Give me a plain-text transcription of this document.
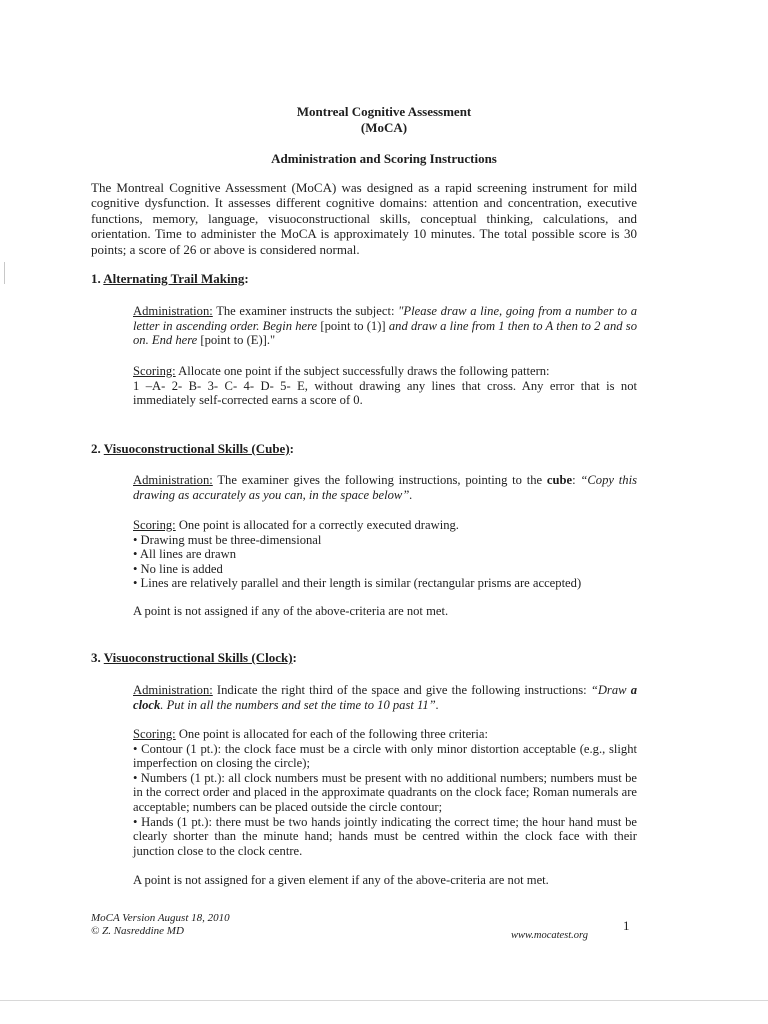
Montreal Cognitive Assessment
(MoCA)
Administration and Scoring Instructions
The Montreal Cognitive Assessment (MoCA) was designed as a rapid screening instrument for mild cognitive dysfunction. It assesses different cognitive domains: attention and concentration, executive functions, memory, language, visuoconstructional skills, conceptual thinking, calculations, and orientation. Time to administer the MoCA is approximately 10 minutes. The total possible score is 30 points; a score of 26 or above is considered normal.
1. Alternating Trail Making:

Administration: The examiner instructs the subject: "Please draw a line, going from a number to a letter in ascending order. Begin here [point to (1)] and draw a line from 1 then to A then to 2 and so on. End here [point to (E)]."

Scoring: Allocate one point if the subject successfully draws the following pattern:

1 –A- 2- B- 3- C- 4- D- 5- E, without drawing any lines that cross. Any error that is not immediately self-corrected earns a score of 0.

2. Visuoconstructional Skills (Cube):

Administration: The examiner gives the following instructions, pointing to the cube: “Copy this drawing as accurately as you can, in the space below”.

Scoring: One point is allocated for a correctly executed drawing.

• Drawing must be three-dimensional
• All lines are drawn
• No line is added
• Lines are relatively parallel and their length is similar (rectangular prisms are accepted)
A point is not assigned if any of the above-criteria are not met.
3. Visuoconstructional Skills (Clock):

Administration: Indicate the right third of the space and give the following instructions: “Draw a clock. Put in all the numbers and set the time to 10 past 11”.

Scoring: One point is allocated for each of the following three criteria:

• Contour (1 pt.): the clock face must be a circle with only minor distortion acceptable (e.g., slight imperfection on closing the circle);
• Numbers (1 pt.): all clock numbers must be present with no additional numbers; numbers must be in the correct order and placed in the approximate quadrants on the clock face; Roman numerals are acceptable; numbers can be placed outside the circle contour;
• Hands (1 pt.): there must be two hands jointly indicating the correct time; the hour hand must be clearly shorter than the minute hand; hands must be centred within the clock face with their junction close to the clock centre.
A point is not assigned for a given element if any of the above-criteria are not met.
MoCA Version August 18, 2010
© Z. Nasreddine MD	1
www.mocatest.org
